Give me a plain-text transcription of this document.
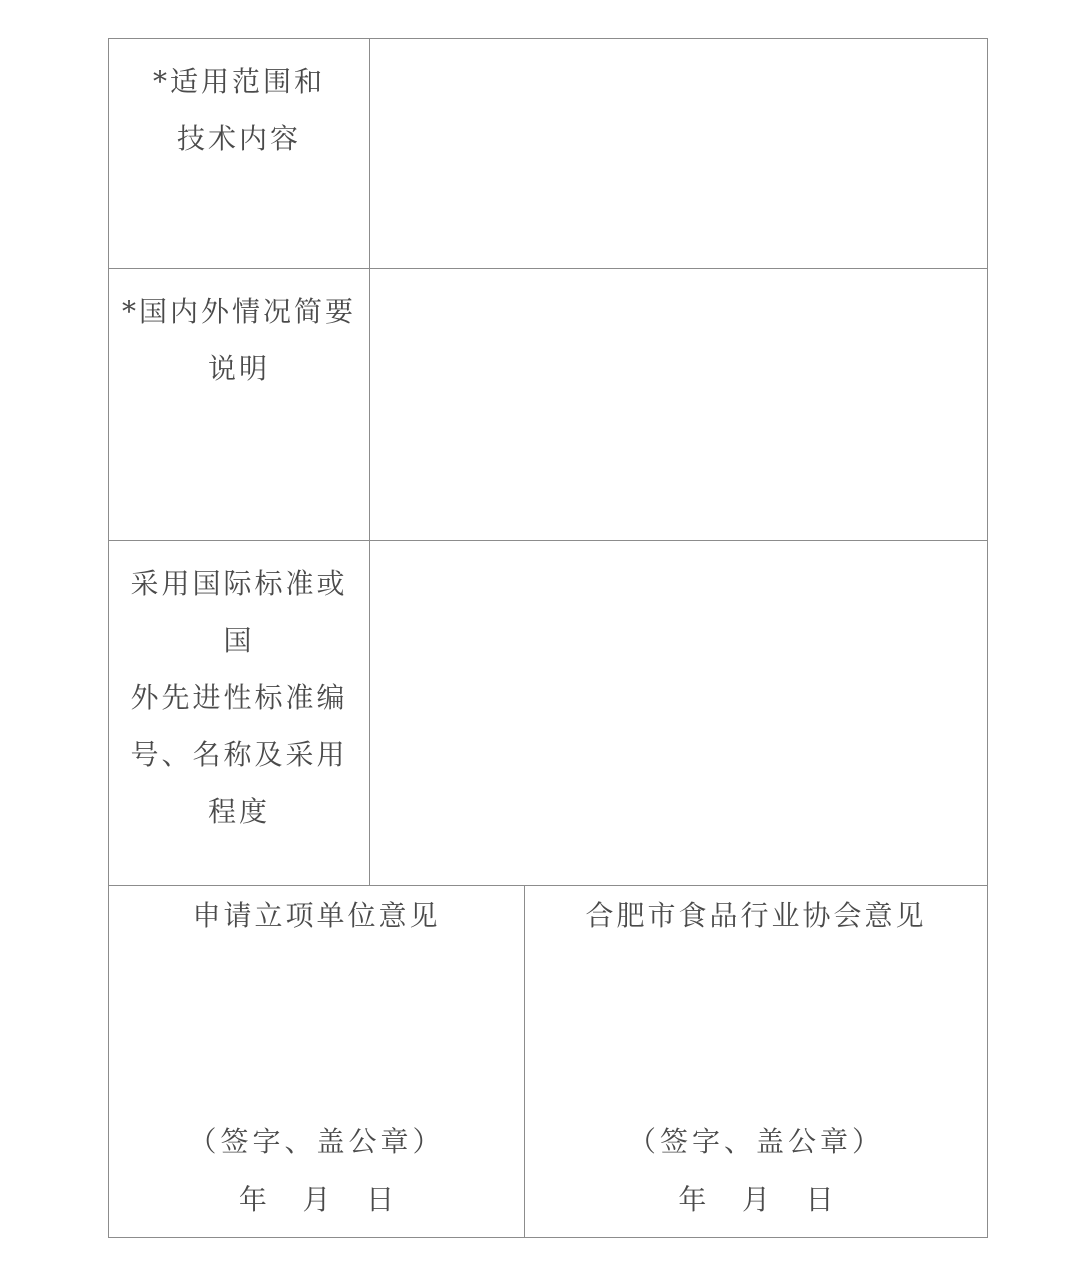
*适用范围和
技术内容
*国内外情况简要
说明
采用国际标准或国
外先进性标准编
号、名称及采用
程度
申请立项单位意见
（签字、盖公章）
年    月    日
合肥市食品行业协会意见
（签字、盖公章）
年    月    日
